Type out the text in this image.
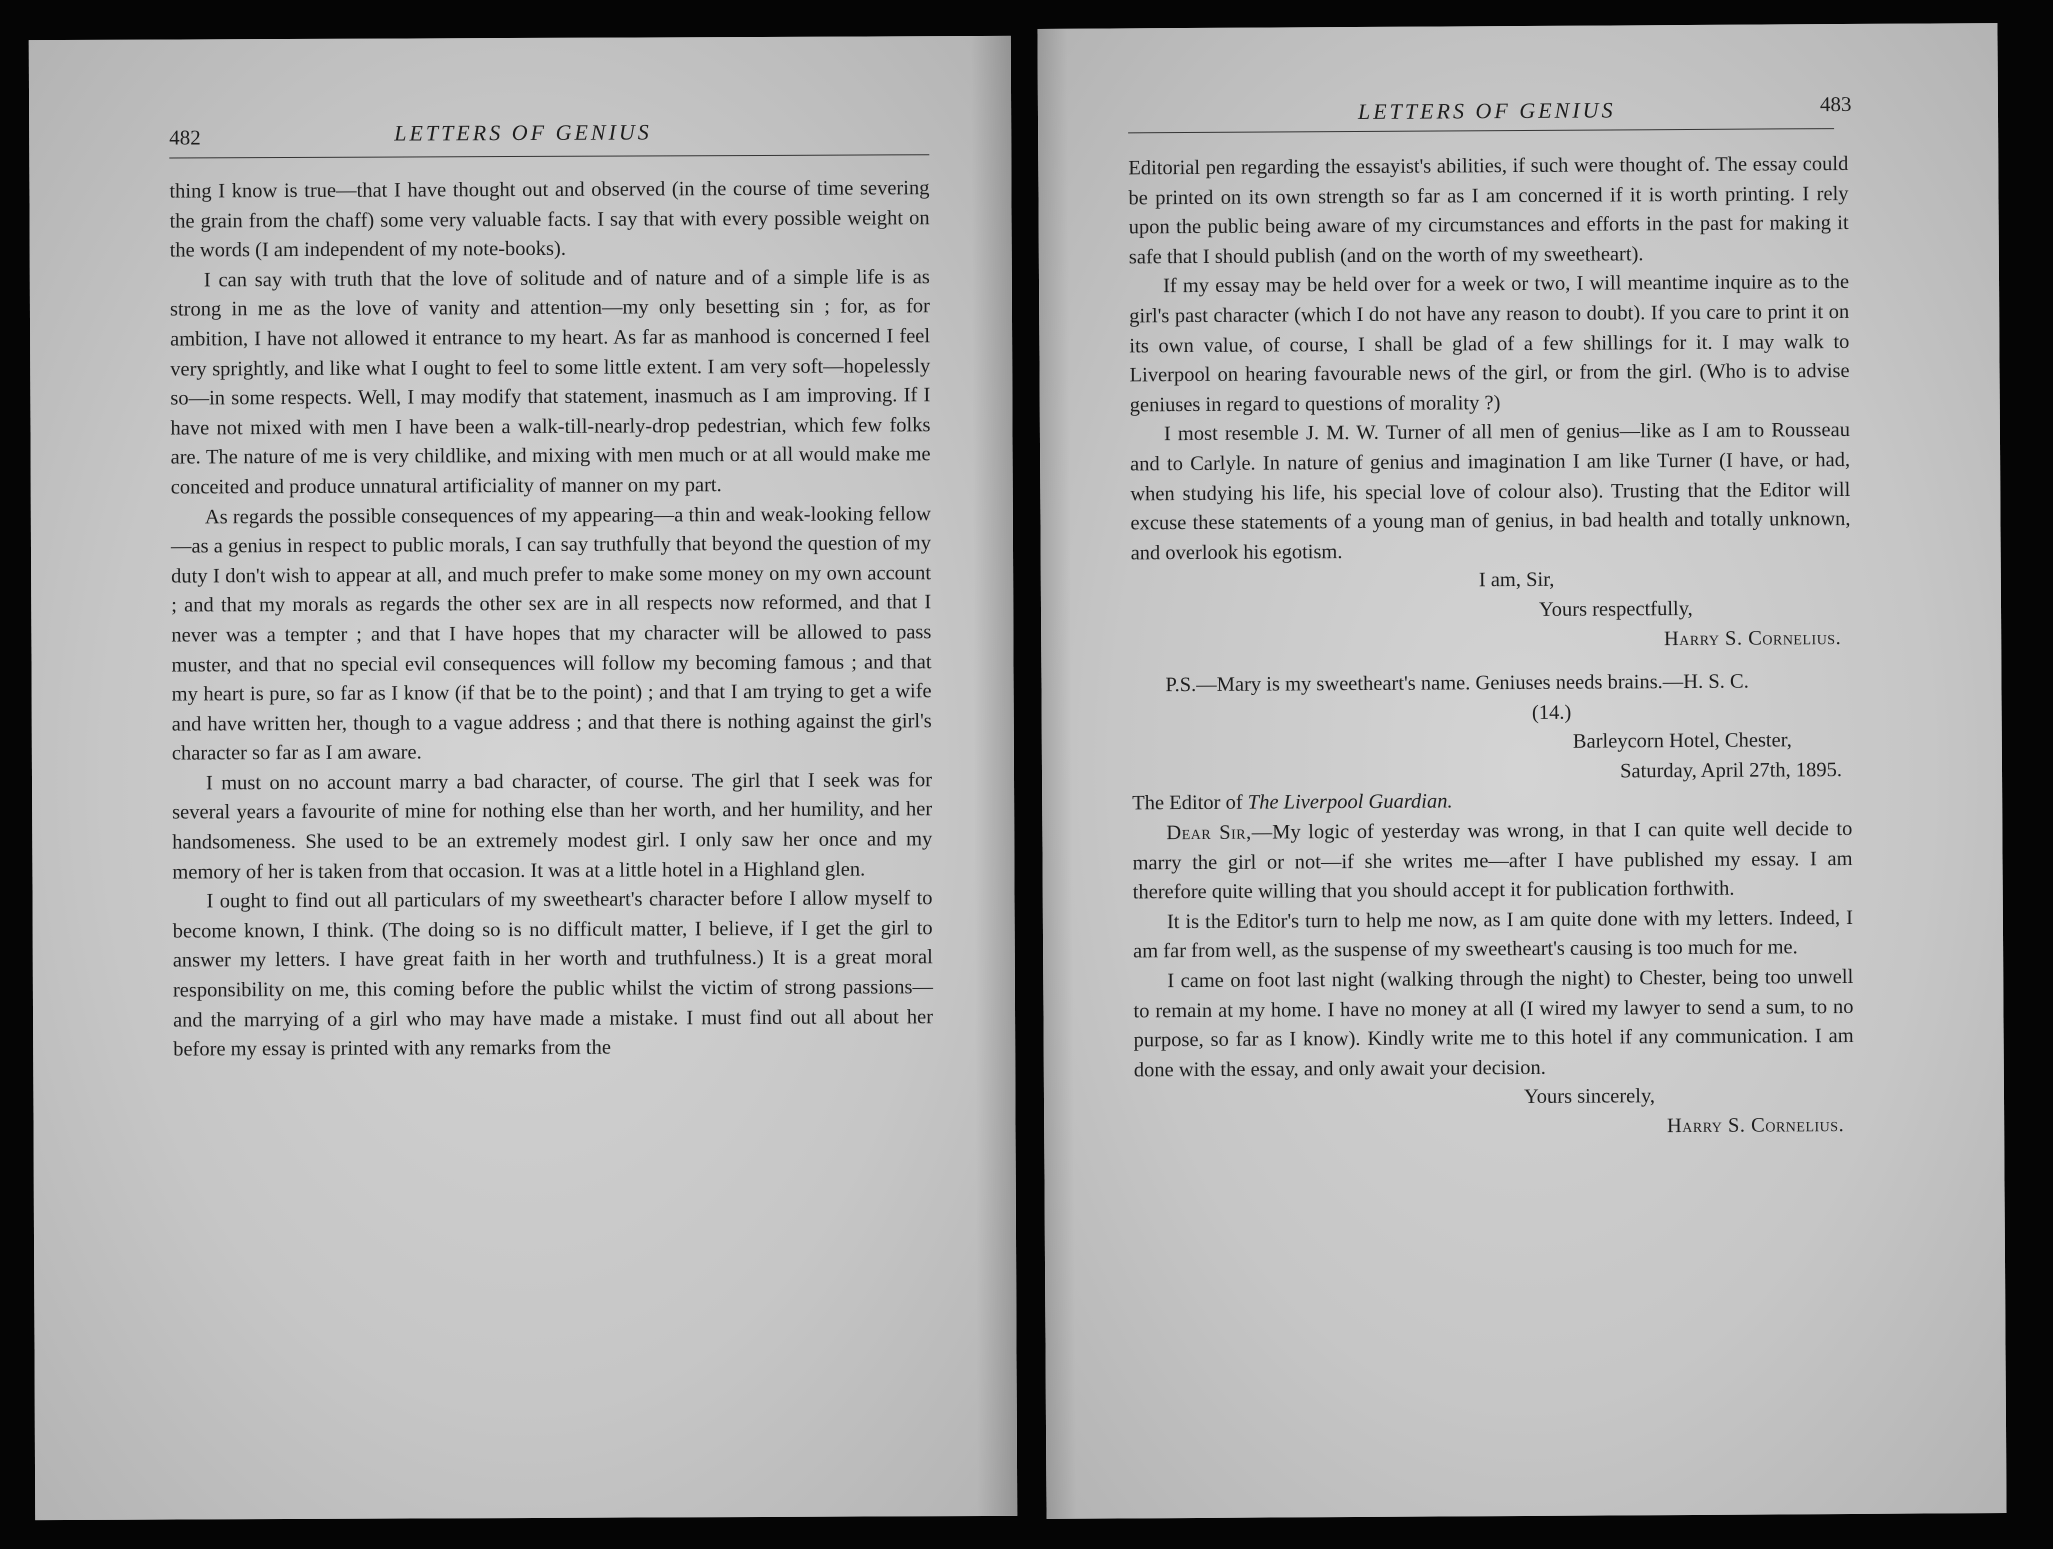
482	LETTERS OF GENIUS

thing I know is true—that I have thought out and observed (in the course of time severing the grain from the chaff) some very valuable facts. I say that with every possible weight on the words (I am independent of my note-books).

I can say with truth that the love of solitude and of nature and of a simple life is as strong in me as the love of vanity and attention—my only besetting sin ; for, as for ambition, I have not allowed it entrance to my heart. As far as manhood is concerned I feel very sprightly, and like what I ought to feel to some little extent. I am very soft—hopelessly so—in some respects. Well, I may modify that statement, inasmuch as I am improving. If I have not mixed with men I have been a walk-till-nearly-drop pedestrian, which few folks are. The nature of me is very childlike, and mixing with men much or at all would make me conceited and produce unnatural artificiality of manner on my part.

As regards the possible consequences of my appearing—a thin and weak-looking fellow—as a genius in respect to public morals, I can say truthfully that beyond the question of my duty I don't wish to appear at all, and much prefer to make some money on my own account ; and that my morals as regards the other sex are in all respects now reformed, and that I never was a tempter ; and that I have hopes that my character will be allowed to pass muster, and that no special evil consequences will follow my becoming famous ; and that my heart is pure, so far as I know (if that be to the point) ; and that I am trying to get a wife and have written her, though to a vague address ; and that there is nothing against the girl's character so far as I am aware.

I must on no account marry a bad character, of course. The girl that I seek was for several years a favourite of mine for nothing else than her worth, and her humility, and her handsomeness. She used to be an extremely modest girl. I only saw her once and my memory of her is taken from that occasion. It was at a little hotel in a Highland glen.

I ought to find out all particulars of my sweetheart's character before I allow myself to become known, I think. (The doing so is no difficult matter, I believe, if I get the girl to answer my letters. I have great faith in her worth and truthfulness.) It is a great moral responsibility on me, this coming before the public whilst the victim of strong passions—and the marrying of a girl who may have made a mistake. I must find out all about her before my essay is printed with any remarks from the

LETTERS OF GENIUS	483

Editorial pen regarding the essayist's abilities, if such were thought of. The essay could be printed on its own strength so far as I am concerned if it is worth printing. I rely upon the public being aware of my circumstances and efforts in the past for making it safe that I should publish (and on the worth of my sweetheart).

If my essay may be held over for a week or two, I will meantime inquire as to the girl's past character (which I do not have any reason to doubt). If you care to print it on its own value, of course, I shall be glad of a few shillings for it. I may walk to Liverpool on hearing favourable news of the girl, or from the girl. (Who is to advise geniuses in regard to questions of morality ?)

I most resemble J. M. W. Turner of all men of genius—like as I am to Rousseau and to Carlyle. In nature of genius and imagination I am like Turner (I have, or had, when studying his life, his special love of colour also). Trusting that the Editor will excuse these statements of a young man of genius, in bad health and totally unknown, and overlook his egotism.

I am, Sir,

Yours respectfully,

Harry S. Cornelius.

P.S.—Mary is my sweetheart's name. Geniuses needs brains.—H. S. C.

(14.)

Barleycorn Hotel, Chester,

Saturday, April 27th, 1895.

The Editor of The Liverpool Guardian.

Dear Sir,—My logic of yesterday was wrong, in that I can quite well decide to marry the girl or not—if she writes me—after I have published my essay. I am therefore quite willing that you should accept it for publication forthwith.

It is the Editor's turn to help me now, as I am quite done with my letters. Indeed, I am far from well, as the suspense of my sweetheart's causing is too much for me.

I came on foot last night (walking through the night) to Chester, being too unwell to remain at my home. I have no money at all (I wired my lawyer to send a sum, to no purpose, so far as I know). Kindly write me to this hotel if any communication. I am done with the essay, and only await your decision.

Yours sincerely,

Harry S. Cornelius.
